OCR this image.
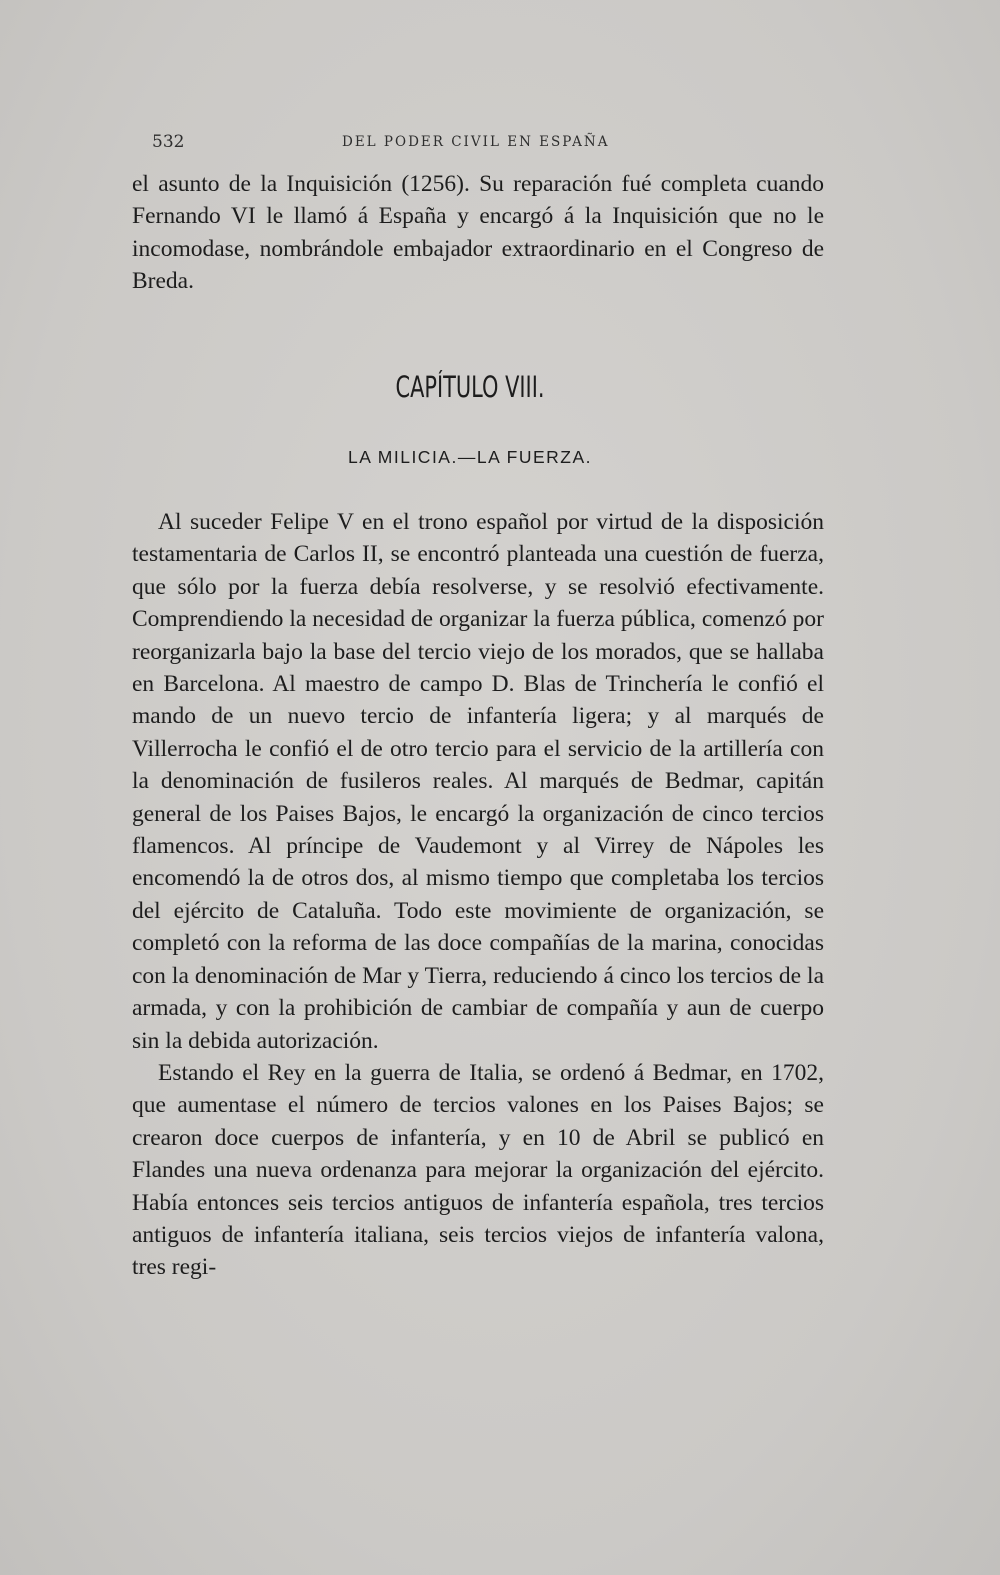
532	DEL PODER CIVIL EN ESPAÑA

el asunto de la Inquisición (1256). Su reparación fué completa cuando Fernando VI le llamó á España y encargó á la Inquisición que no le incomodase, nombrándole embajador extraordinario en el Congreso de Breda.

CAPÍTULO VIII.
LA MILICIA.—LA FUERZA.

Al suceder Felipe V en el trono español por virtud de la disposición testamentaria de Carlos II, se encontró planteada una cuestión de fuerza, que sólo por la fuerza debía resolverse, y se resolvió efectivamente. Comprendiendo la necesidad de organizar la fuerza pública, comenzó por reorganizarla bajo la base del tercio viejo de los morados, que se hallaba en Barcelona. Al maestro de campo D. Blas de Trinchería le confió el mando de un nuevo tercio de infantería ligera; y al marqués de Villerrocha le confió el de otro tercio para el servicio de la artillería con la denominación de fusileros reales. Al marqués de Bedmar, capitán general de los Paises Bajos, le encargó la organización de cinco tercios flamencos. Al príncipe de Vaudemont y al Virrey de Nápoles les encomendó la de otros dos, al mismo tiempo que completaba los tercios del ejército de Cataluña. Todo este movimiente de organización, se completó con la reforma de las doce compañías de la marina, conocidas con la denominación de Mar y Tierra, reduciendo á cinco los tercios de la armada, y con la prohibición de cambiar de compañía y aun de cuerpo sin la debida autorización.

Estando el Rey en la guerra de Italia, se ordenó á Bedmar, en 1702, que aumentase el número de tercios valones en los Paises Bajos; se crearon doce cuerpos de infantería, y en 10 de Abril se publicó en Flandes una nueva ordenanza para mejorar la organización del ejército. Había entonces seis tercios antiguos de infantería española, tres tercios antiguos de infantería italiana, seis tercios viejos de infantería valona, tres regi-
